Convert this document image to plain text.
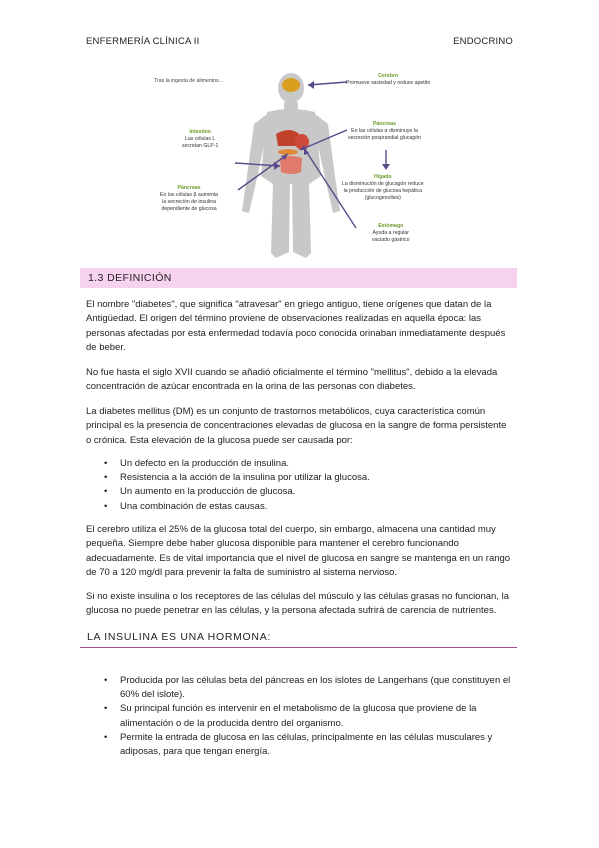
ENFERMERÍA CLÍNICA II	ENDOCRINO
Tras la ingesta de alimentos...
Cerebro
Promueve saciedad y reduce apetito
Intestino
Las células L
secretan GLP-1
Páncreas
En las células α disminuye la
secreción posprandial glucagón
Hígado
La disminución de glucagón reduce
la producción de glucosa hepática
(glucogenolisis)
Páncreas
En las células β aumenta
la secreción de insulina
dependiente de glucosa
Estómago
Ayuda a regular
vaciado gástrico
1.3 DEFINICIÓN

El nombre "diabetes", que significa "atravesar" en griego antiguo, tiene orígenes que datan de la Antigüedad. El origen del término proviene de observaciones realizadas en aquella época: las personas afectadas por esta enfermedad todavía poco conocida orinaban inmediatamente después de beber.

No fue hasta el siglo XVII cuando se añadió oficialmente el término "mellitus", debido a la elevada concentración de azúcar encontrada en la orina de las personas con diabetes.

La diabetes mellitus (DM) es un conjunto de trastornos metabólicos, cuya característica común principal es la presencia de concentraciones elevadas de glucosa en la sangre de forma persistente o crónica. Esta elevación de la glucosa puede ser causada por:

• Un defecto en la producción de insulina.
• Resistencia a la acción de la insulina por utilizar la glucosa.
• Un aumento en la producción de glucosa.
• Una combinación de estas causas.

El cerebro utiliza el 25% de la glucosa total del cuerpo, sin embargo, almacena una cantidad muy pequeña. Siempre debe haber glucosa disponible para mantener el cerebro funcionando adecuadamente. Es de vital importancia que el nivel de glucosa en sangre se mantenga en un rango de 70 a 120 mg/dl para prevenir la falta de suministro al sistema nervioso.

Si no existe insulina o los receptores de las células del músculo y las células grasas no funcionan, la glucosa no puede penetrar en las células, y la persona afectada sufrirá de carencia de nutrientes.

LA INSULINA ES UNA HORMONA:
• Producida por las células beta del páncreas en los islotes de Langerhans (que constituyen el 60% del islote).
• Su principal función es intervenir en el metabolismo de la glucosa que proviene de la alimentación o de la producida dentro del organismo.
• Permite la entrada de glucosa en las células, principalmente en las células musculares y adiposas, para que tengan energía.
